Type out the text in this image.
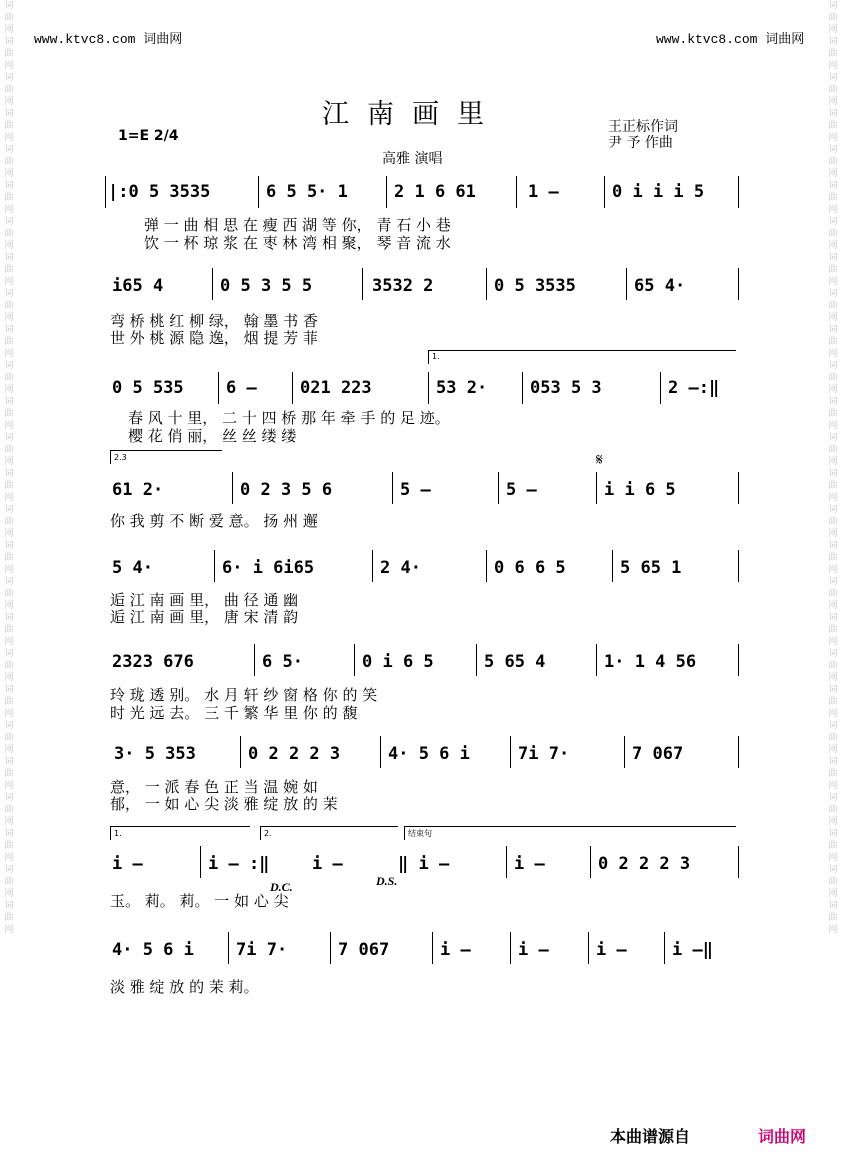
www.ktvc8.com 词曲网	www.ktvc8.com 词曲网
词曲网词曲网词曲网词曲网词曲网词曲网词曲网词曲网词曲网词曲网词曲网词曲网词曲网词曲网词曲网词曲网词曲网词曲网词曲网词曲网词曲网词曲网词曲网词曲网词曲网词曲网
词曲网词曲网词曲网词曲网词曲网词曲网词曲网词曲网词曲网词曲网词曲网词曲网词曲网词曲网词曲网词曲网词曲网词曲网词曲网词曲网词曲网词曲网词曲网词曲网词曲网词曲网
江南画里
1=E 2/4
王正标作词
尹 予 作曲
高雅 演唱
|:0 5 3535	6 5 5· 1	2 1 6 61	1 –	0 i i i 5
弹 一 曲 相 思 在 瘦 西 湖 等 你， 青 石 小 巷
饮 一 杯 琼 浆 在 枣 林 湾 相 聚， 琴 音 流 水
i65 4	0 5 3 5 5	3532 2	0 5 3535	65 4·
弯 桥 桃 红 柳 绿， 翰 墨 书 香
世 外 桃 源 隐 逸， 烟 提 芳 菲
1.
0 5 535 6 –	021 223	53 2·	053 5 3	2 –:‖
春 风 十 里， 二 十 四 桥 那 年 牵 手 的 足 迹。
樱 花 俏 丽， 丝 丝 缕 缕
2.3	𝄋
61 2·	0 2 3 5 6	5 –	5 –	i i 6 5
你 我 剪 不 断 爱 意。 扬 州 邂
5 4·	6· i 6i65	2 4·	0 6 6 5	5 65 1
逅 江 南 画 里， 曲 径 通 幽
逅 江 南 画 里， 唐 宋 清 韵
2323 676	6 5·	0 i 6 5	5 65 4	1· 1 4 56
玲 珑 透 别。 水 月 轩 纱 窗 格 你 的 笑
时 光 远 去。 三 千 繁 华 里 你 的 馥
3· 5 353	0 2 2 2 3	4· 5 6 i	7i 7·	7 067
意， 一 派 春 色 正 当 温 婉 如
郁， 一 如 心 尖 淡 雅 绽 放 的 茉
1.	2.	结束句
i –	i – :‖	i –	‖ i –	i –	0 2 2 2 3
D.C.	D.S.
玉。 莉。 莉。 一 如 心 尖
4· 5 6 i 7i 7·	7 067	i –	i –	i –	i –‖
淡 雅 绽 放 的 茉 莉。
本曲谱源自	词曲网
